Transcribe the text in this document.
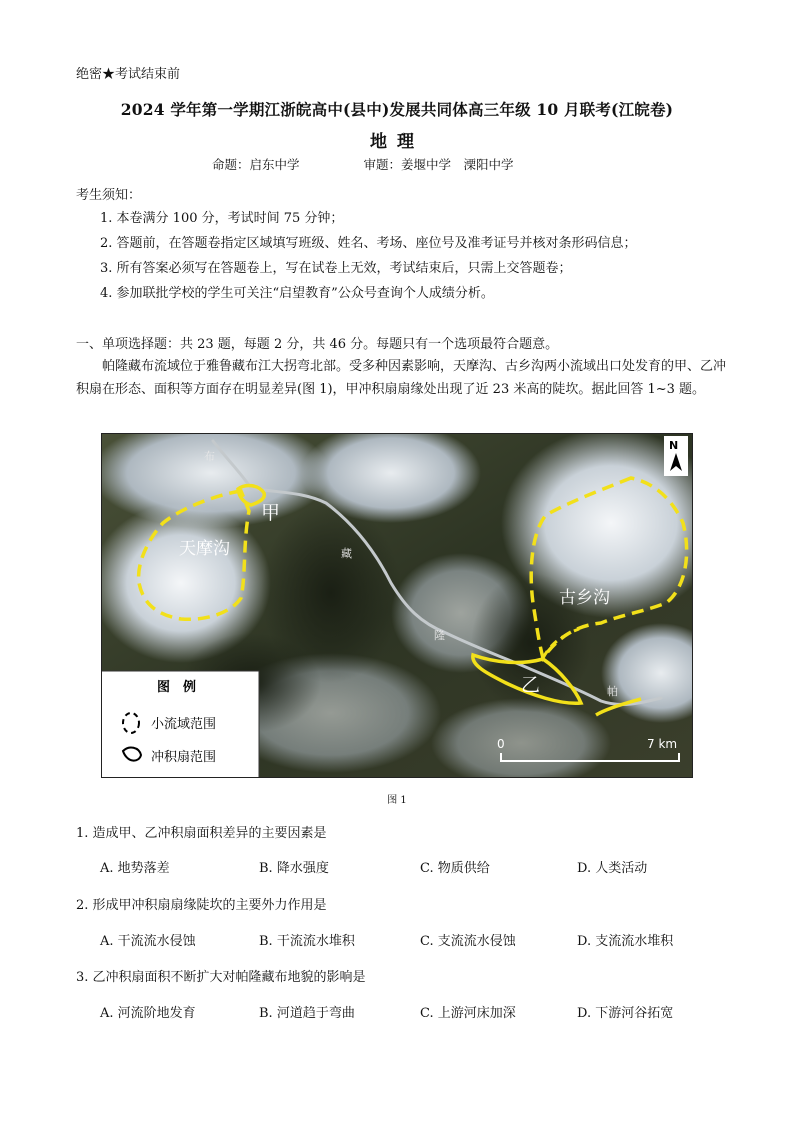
绝密★考试结束前
2024 学年第一学期江浙皖高中(县中)发展共同体高三年级 10 月联考(江皖卷)
地理
命题：启东中学	审题：姜堰中学　溧阳中学
考生须知：
1. 本卷满分 100 分，考试时间 75 分钟；
2. 答题前，在答题卷指定区域填写班级、姓名、考场、座位号及准考证号并核对条形码信息；
3. 所有答案必须写在答题卷上，写在试卷上无效，考试结束后，只需上交答题卷；
4. 参加联批学校的学生可关注“启望教育”公众号查询个人成绩分析。
一、单项选择题：共 23 题，每题 2 分，共 46 分。每题只有一个选项最符合题意。
帕隆藏布流域位于雅鲁藏布江大拐弯北部。受多种因素影响，天摩沟、古乡沟两小流域出口处发育的甲、乙冲积扇在形态、面积等方面存在明显差异(图 1)，甲冲积扇扇缘处出现了近 23 米高的陡坎。据此回答 1~3 题。
布
藏
隆
帕
甲
乙
天摩沟
古乡沟
N
图　例
小流域范围
冲积扇范围
0	7 km
图 1
1. 造成甲、乙冲积扇面积差异的主要因素是
A. 地势落差	B. 降水强度	C. 物质供给	D. 人类活动
2. 形成甲冲积扇扇缘陡坎的主要外力作用是
A. 干流流水侵蚀	B. 干流流水堆积	C. 支流流水侵蚀	D. 支流流水堆积
3. 乙冲积扇面积不断扩大对帕隆藏布地貌的影响是
A. 河流阶地发育	B. 河道趋于弯曲	C. 上游河床加深	D. 下游河谷拓宽
